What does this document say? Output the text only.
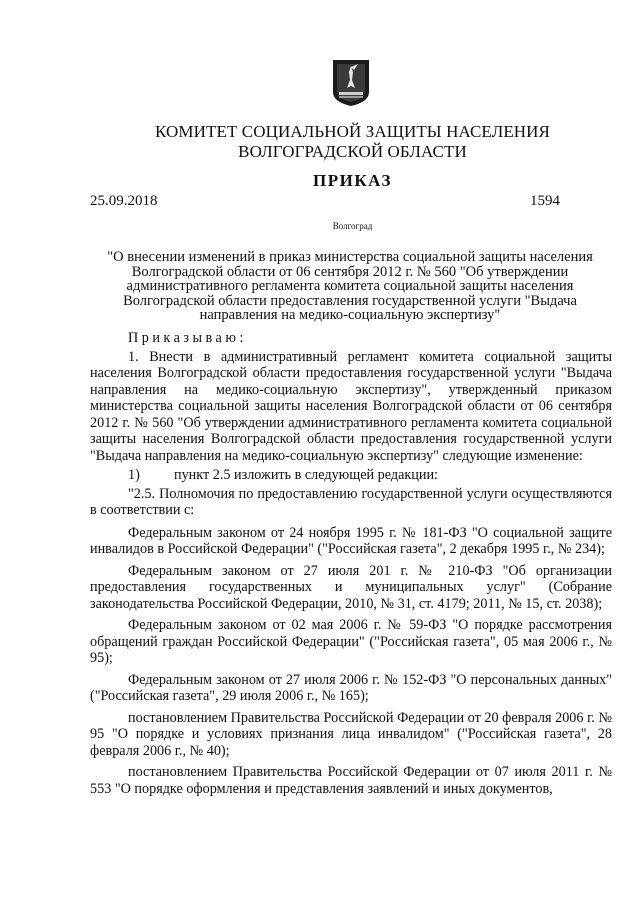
КОМИТЕТ СОЦИАЛЬНОЙ ЗАЩИТЫ НАСЕЛЕНИЯ
ВОЛГОГРАДСКОЙ ОБЛАСТИ
ПРИКАЗ
25.09.2018	1594
Волгоград
"О внесении изменений в приказ министерства социальной защиты населения
Волгоградской области от 06 сентября 2012 г. № 560 "Об утверждении
административного регламента комитета социальной защиты населения
Волгоградской области предоставления государственной услуги "Выдача
направления на медико-социальную экспертизу"
Приказываю:
1. Внести в административный регламент комитета социальной защиты населения Волгоградской области предоставления государственной услуги "Выдача направления на медико-социальную экспертизу", утвержденный приказом министерства социальной защиты населения Волгоградской области от 06 сентября 2012 г. № 560 "Об утверждении административного регламента комитета социальной защиты населения Волгоградской области предоставления государственной услуги "Выдача направления на медико-социальную экспертизу" следующие изменение:
1) пункт 2.5 изложить в следующей редакции:
"2.5. Полномочия по предоставлению государственной услуги осуществляются в соответствии с:
Федеральным законом от 24 ноября 1995 г. № 181-ФЗ "О социальной защите инвалидов в Российской Федерации" ("Российская газета", 2 декабря 1995 г., № 234);
Федеральным законом от 27 июля 201 г. № 210-ФЗ "Об организации предоставления государственных и муниципальных услуг" (Собрание законодательства Российской Федерации, 2010, № 31, ст. 4179; 2011, № 15, ст. 2038);
Федеральным законом от 02 мая 2006 г. № 59-ФЗ "О порядке рассмотрения обращений граждан Российской Федерации" ("Российская газета", 05 мая 2006 г., № 95);
Федеральным законом от 27 июля 2006 г. № 152-ФЗ "О персональных данных" ("Российская газета", 29 июля 2006 г., № 165);
постановлением Правительства Российской Федерации от 20 февраля 2006 г. № 95 "О порядке и условиях признания лица инвалидом" ("Российская газета", 28 февраля 2006 г., № 40);
постановлением Правительства Российской Федерации от 07 июля 2011 г. № 553 "О порядке оформления и представления заявлений и иных документов,
